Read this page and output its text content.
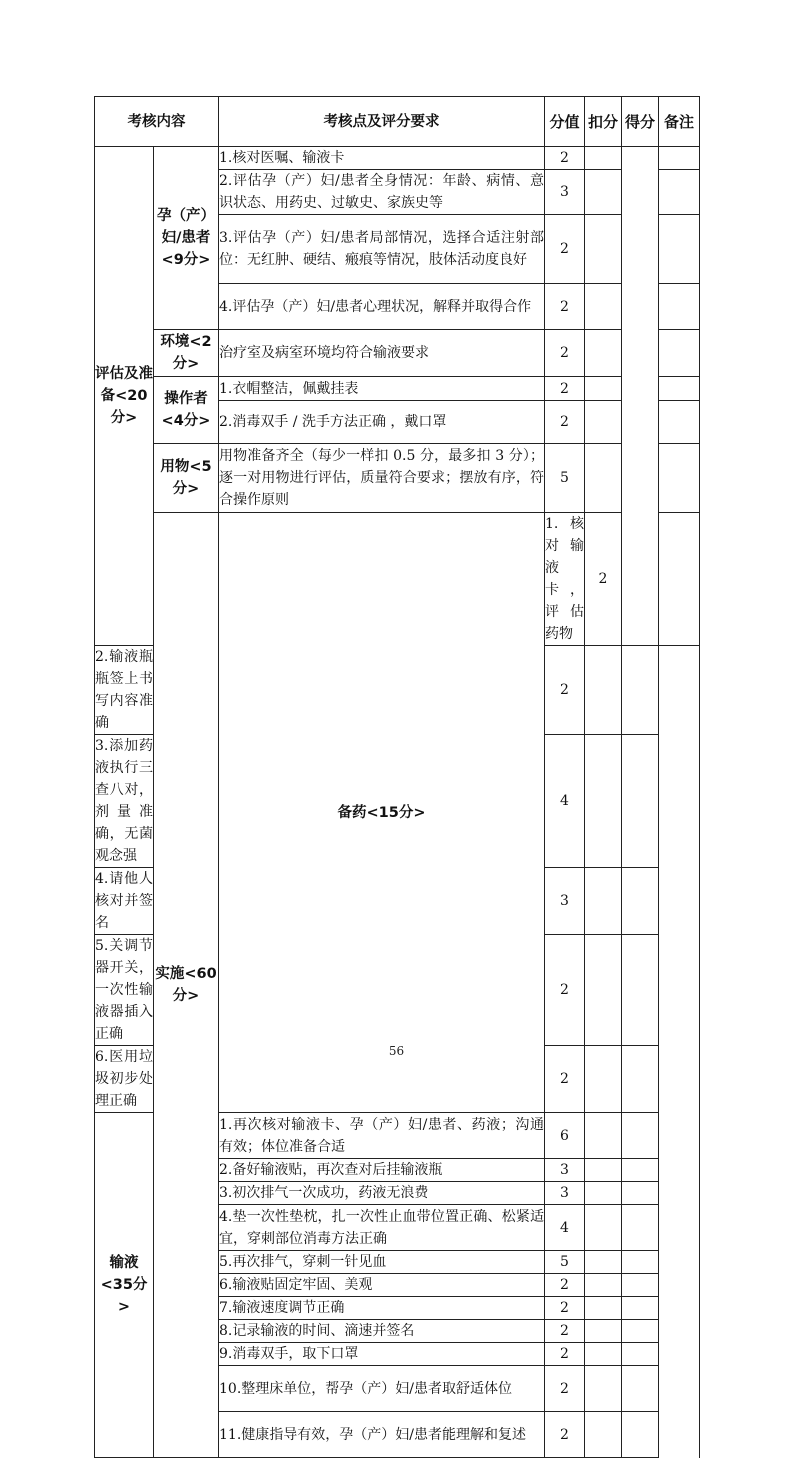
考核内容		考核点及评分要求	分值	扣分	得分	备注	
评估及准备<20分>	孕（产）妇/患者<9分>	1.核对医嘱、输液卡	2				
		2.评估孕（产）妇/患者全身情况：年龄、病情、意识状态、用药史、过敏史、家族史等	3				
		3.评估孕（产）妇/患者局部情况，选择合适注射部位：无红肿、硬结、瘢痕等情况，肢体活动度良好	2				
		4.评估孕（产）妇/患者心理状况，解释并取得合作	2				
	环境<2分>	治疗室及病室环境均符合输液要求	2				
	操作者<4分>	1.衣帽整洁，佩戴挂表	2				
		2.消毒双手 / 洗手方法正确 ，戴口罩	2				
	用物<5分>	用物准备齐全（每少一样扣 0.5 分，最多扣 3 分）；逐一对用物进行评估，质量符合要求；摆放有序，符合操作原则	5				
	实施<60分>	备药<15分>	1.核对输液卡，评估药物	2			
2.输液瓶瓶签上书写内容准确			2				
3.添加药液执行三查八对，剂量准确，无菌观念强			4				
4.请他人核对并签名			3				
5.关调节器开关，一次性输液器插入正确			2				
6.医用垃圾初步处理正确			2				
输液<35分>		1.再次核对输液卡、孕（产）妇/患者、药液；沟通有效；体位准备合适	6				
		2.备好输液贴，再次查对后挂输液瓶	3				
		3.初次排气一次成功，药液无浪费	3				
		4.垫一次性垫枕，扎一次性止血带位置正确、松紧适宜，穿刺部位消毒方法正确	4				
		5.再次排气，穿刺一针见血	5				
		6.输液贴固定牢固、美观	2				
		7.输液速度调节正确	2				
		8.记录输液的时间、滴速并签名	2				
		9.消毒双手，取下口罩	2				
		10.整理床单位，帮孕（产）妇/患者取舒适体位	2				
		11.健康指导有效，孕（产）妇/患者能理解和复述	2				
56
